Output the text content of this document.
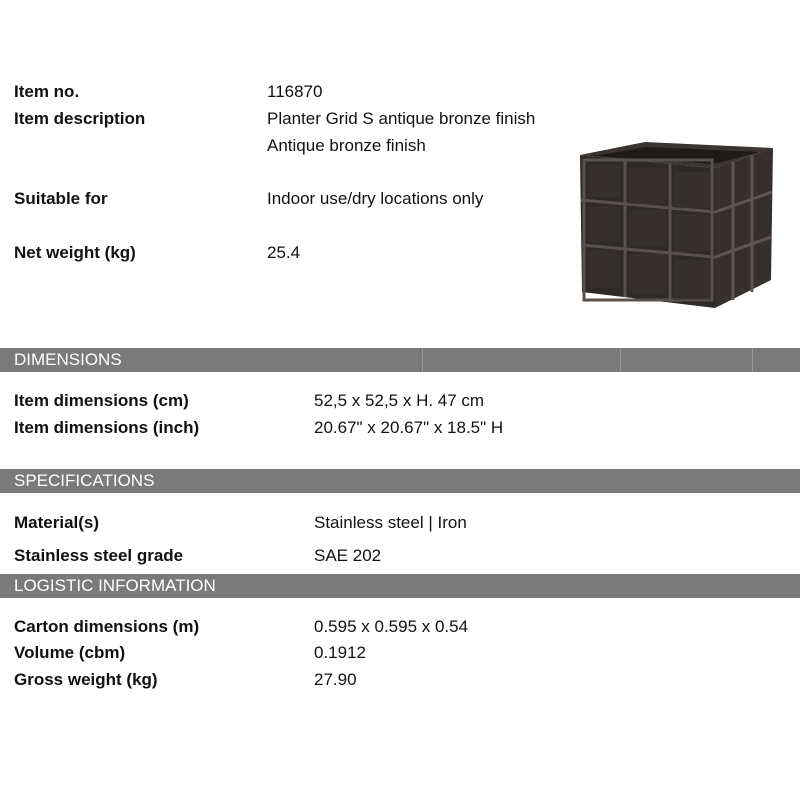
Item no.	116870
Item description	Planter Grid S antique bronze finish
Antique bronze finish
Suitable for	Indoor use/dry locations only
Net weight (kg)	25.4
DIMENSIONS
Item dimensions (cm)	52,5 x 52,5 x H. 47 cm
Item dimensions (inch)	20.67" x 20.67" x 18.5" H
SPECIFICATIONS
Material(s)	Stainless steel | Iron
Stainless steel grade	SAE 202
LOGISTIC INFORMATION
Carton dimensions (m)	0.595 x 0.595 x 0.54
Volume (cbm)	0.1912
Gross weight (kg)	27.90
